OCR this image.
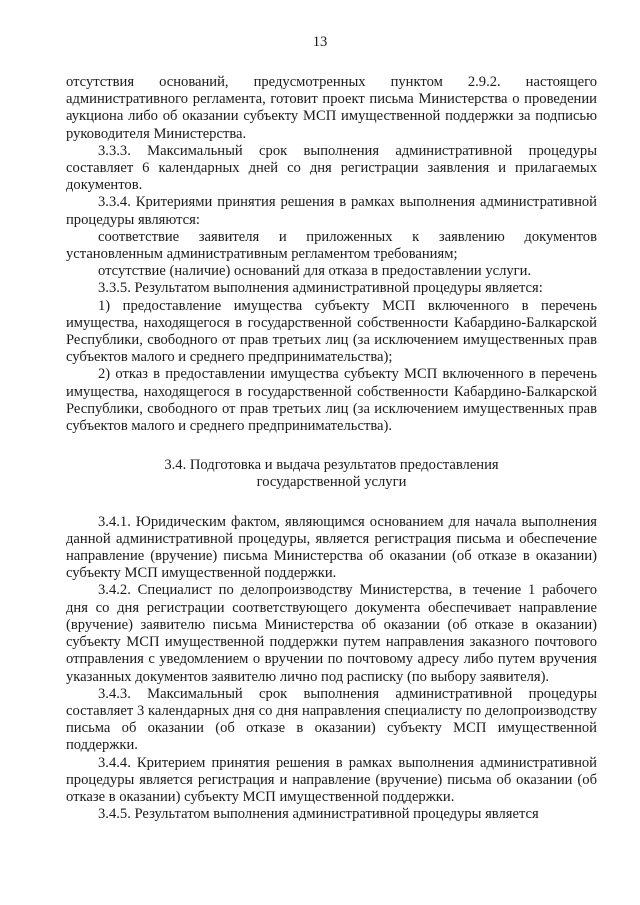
13

отсутствия оснований, предусмотренных пунктом 2.9.2. настоящего административного регламента, готовит проект письма Министерства о проведении аукциона либо об оказании субъекту МСП имущественной поддержки за подписью руководителя Министерства.

3.3.3. Максимальный срок выполнения административной процедуры составляет 6 календарных дней со дня регистрации заявления и прилагаемых документов.

3.3.4. Критериями принятия решения в рамках выполнения административной процедуры являются:

соответствие заявителя и приложенных к заявлению документов установленным административным регламентом требованиям;

отсутствие (наличие) оснований для отказа в предоставлении услуги.

3.3.5. Результатом выполнения административной процедуры является:

1) предоставление имущества субъекту МСП включенного в перечень имущества, находящегося в государственной собственности Кабардино-Балкарской Республики, свободного от прав третьих лиц (за исключением имущественных прав субъектов малого и среднего предпринимательства);

2) отказ в предоставлении имущества субъекту МСП включенного в перечень имущества, находящегося в государственной собственности Кабардино-Балкарской Республики, свободного от прав третьих лиц (за исключением имущественных прав субъектов малого и среднего предпринимательства).

3.4. Подготовка и выдача результатов предоставления

государственной услуги

3.4.1. Юридическим фактом, являющимся основанием для начала выполнения данной административной процедуры, является регистрация письма и обеспечение направление (вручение) письма Министерства об оказании (об отказе в оказании) субъекту МСП имущественной поддержки.

3.4.2. Специалист по делопроизводству Министерства, в течение 1 рабочего дня со дня регистрации соответствующего документа обеспечивает направление (вручение) заявителю письма Министерства об оказании (об отказе в оказании) субъекту МСП имущественной поддержки путем направления заказного почтового отправления с уведомлением о вручении по почтовому адресу либо путем вручения указанных документов заявителю лично под расписку (по выбору заявителя).

3.4.3. Максимальный срок выполнения административной процедуры составляет 3 календарных дня со дня направления специалисту по делопроизводству письма об оказании (об отказе в оказании) субъекту МСП имущественной поддержки.

3.4.4. Критерием принятия решения в рамках выполнения административной процедуры является регистрация и направление (вручение) письма об оказании (об отказе в оказании) субъекту МСП имущественной поддержки.

3.4.5. Результатом выполнения административной процедуры является
